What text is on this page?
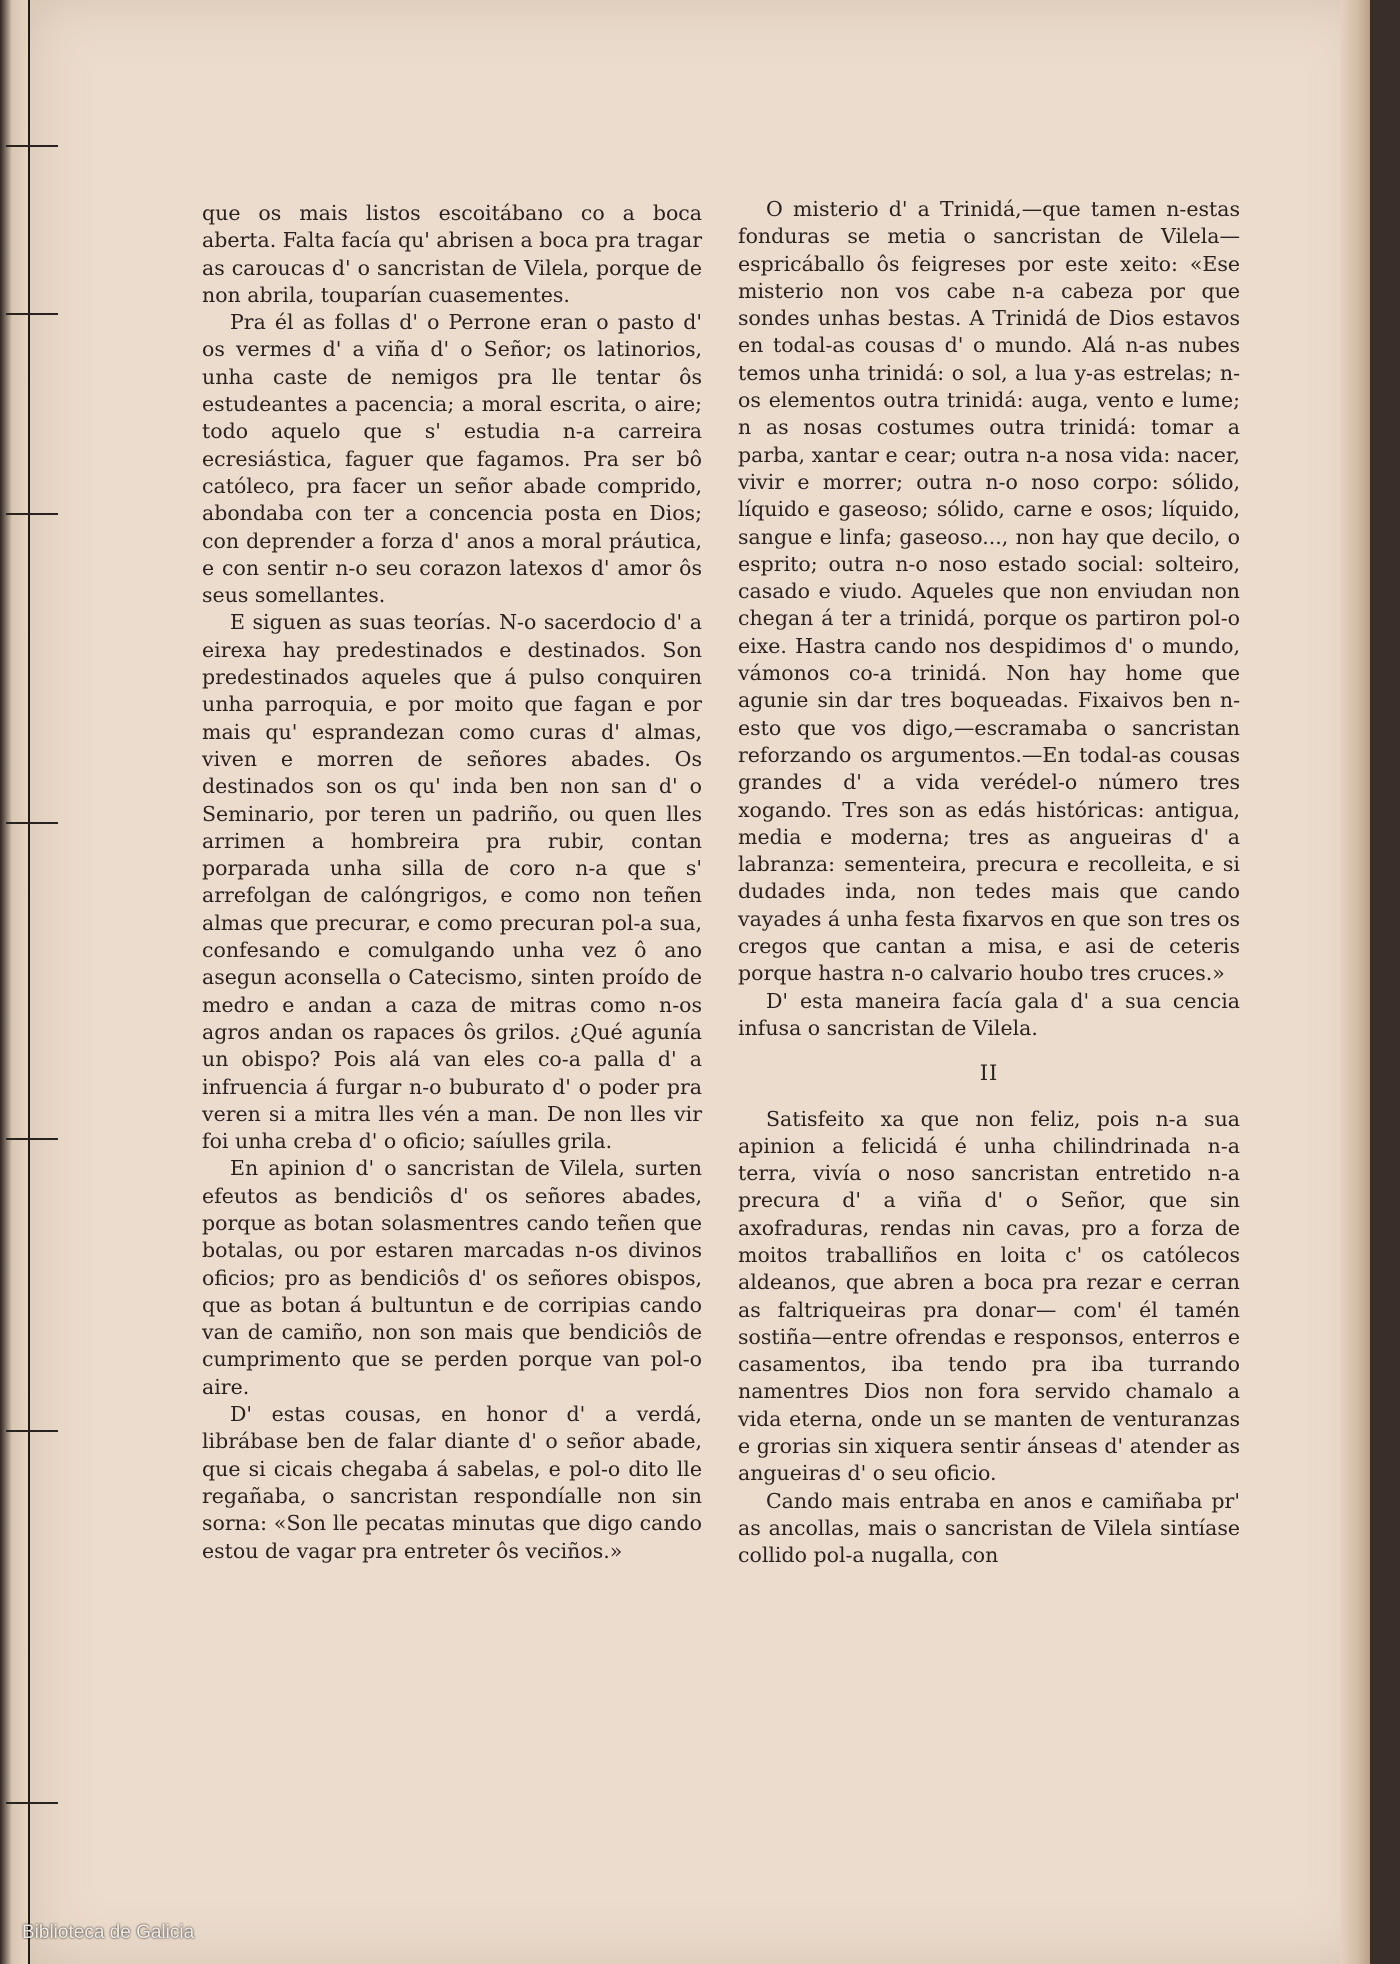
que os mais listos escoitábano co a boca aberta. Falta facía qu' abrisen a boca pra tragar as caroucas d' o sancristan de Vilela, porque de non abrila, touparían cuasementes.

Pra él as follas d' o Perrone eran o pasto d' os vermes d' a viña d' o Señor; os latinorios, unha caste de nemigos pra lle tentar ôs estudeantes a pacencia; a moral escrita, o aire; todo aquelo que s' estudia n-a carreira ecresiástica, faguer que fagamos. Pra ser bô católeco, pra facer un señor abade comprido, abondaba con ter a concencia posta en Dios; con deprender a forza d' anos a moral práutica, e con sentir n-o seu corazon latexos d' amor ôs seus somellantes.

E siguen as suas teorías. N-o sacerdocio d' a eirexa hay predestinados e destinados. Son predestinados aqueles que á pulso conquiren unha parroquia, e por moito que fagan e por mais qu' esprandezan como curas d' almas, viven e morren de señores abades. Os destinados son os qu' inda ben non san d' o Seminario, por teren un padriño, ou quen lles arrimen a hombreira pra rubir, contan porparada unha silla de coro n-a que s' arrefolgan de calóngrigos, e como non teñen almas que precurar, e como precuran pol-a sua, confesando e comulgando unha vez ô ano asegun aconsella o Catecismo, sinten proído de medro e andan a caza de mitras como n-os agros andan os rapaces ôs grilos. ¿Qué agunía un obispo? Pois alá van eles co-a palla d' a infruencia á furgar n-o buburato d' o poder pra veren si a mitra lles vén a man. De non lles vir foi unha creba d' o oficio; saíulles grila.

En apinion d' o sancristan de Vilela, surten efeutos as bendiciôs d' os señores abades, porque as botan solasmentres cando teñen que botalas, ou por estaren marcadas n-os divinos oficios; pro as bendiciôs d' os señores obispos, que as botan á bultuntun e de corripias cando van de camiño, non son mais que bendiciôs de cumprimento que se perden porque van pol-o aire.

D' estas cousas, en honor d' a verdá, librábase ben de falar diante d' o señor abade, que si cicais chegaba á sabelas, e pol-o dito lle regañaba, o sancristan respondíalle non sin sorna: «Son lle pecatas minutas que digo cando estou de vagar pra entreter ôs veciños.»

O misterio d' a Trinidá,—que tamen n-estas fonduras se metia o sancristan de Vilela—espricáballo ôs feigreses por este xeito: «Ese misterio non vos cabe n-a cabeza por que sondes unhas bestas. A Trinidá de Dios estavos en todal-as cousas d' o mundo. Alá n-as nubes temos unha trinidá: o sol, a lua y-as estrelas; n-os elementos outra trinidá: auga, vento e lume; n as nosas costumes outra trinidá: tomar a parba, xantar e cear; outra n-a nosa vida: nacer, vivir e morrer; outra n-o noso corpo: sólido, líquido e gaseoso; sólido, carne e osos; líquido, sangue e linfa; gaseoso..., non hay que decilo, o esprito; outra n-o noso estado social: solteiro, casado e viudo. Aqueles que non enviudan non chegan á ter a trinidá, porque os partiron pol-o eixe. Hastra cando nos despidimos d' o mundo, vámonos co-a trinidá. Non hay home que agunie sin dar tres boqueadas. Fixaivos ben n-esto que vos digo,—escramaba o sancristan reforzando os argumentos.—En todal-as cousas grandes d' a vida verédel-o número tres xogando. Tres son as edás históricas: antigua, media e moderna; tres as angueiras d' a labranza: sementeira, precura e recolleita, e si dudades inda, non tedes mais que cando vayades á unha festa fixarvos en que son tres os cregos que cantan a misa, e asi de ceteris porque hastra n-o calvario houbo tres cruces.»

D' esta maneira facía gala d' a sua cencia infusa o sancristan de Vilela.

II

Satisfeito xa que non feliz, pois n-a sua apinion a felicidá é unha chilindrinada n-a terra, vivía o noso sancristan entretido n-a precura d' a viña d' o Señor, que sin axofraduras, rendas nin cavas, pro a forza de moitos traballiños en loita c' os católecos aldeanos, que abren a boca pra rezar e cerran as faltriqueiras pra donar— com' él tamén sostiña—entre ofrendas e responsos, enterros e casamentos, iba tendo pra iba turrando namentres Dios non fora servido chamalo a vida eterna, onde un se manten de venturanzas e grorias sin xiquera sentir ánseas d' atender as angueiras d' o seu oficio.

Cando mais entraba en anos e camiñaba pr' as ancollas, mais o sancristan de Vilela sintíase collido pol-a nugalla, con

Biblioteca de Galicia
